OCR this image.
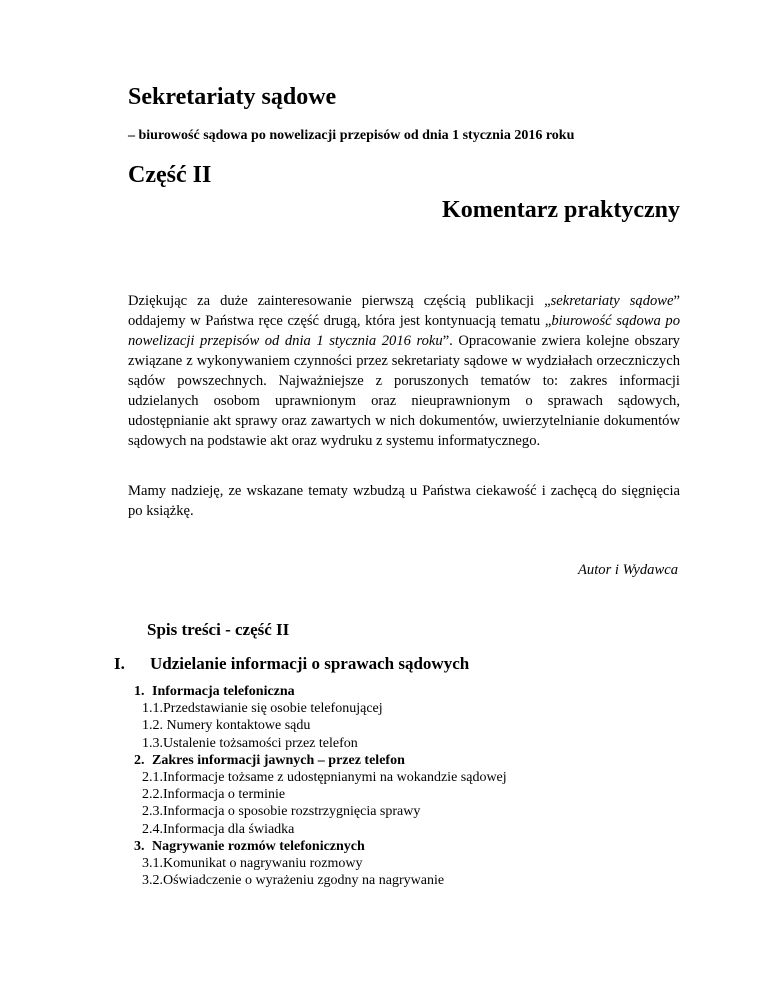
Sekretariaty sądowe
– biurowość sądowa po nowelizacji przepisów od dnia 1 stycznia 2016 roku
Część II
Komentarz praktyczny

Dziękując za duże zainteresowanie pierwszą częścią publikacji „sekretariaty sądowe” oddajemy w Państwa ręce część drugą, która jest kontynuacją tematu „biurowość sądowa po nowelizacji przepisów od dnia 1 stycznia 2016 roku”. Opracowanie zwiera kolejne obszary związane z wykonywaniem czynności przez sekretariaty sądowe w wydziałach orzeczniczych sądów powszechnych. Najważniejsze z poruszonych tematów to: zakres informacji udzielanych osobom uprawnionym oraz nieuprawnionym o sprawach sądowych, udostępnianie akt sprawy oraz zawartych w nich dokumentów, uwierzytelnianie dokumentów sądowych na podstawie akt oraz wydruku z systemu informatycznego.

Mamy nadzieję, ze wskazane tematy wzbudzą u Państwa ciekawość i zachęcą do sięgnięcia po książkę.
Autor i Wydawca
Spis treści - część II
I. Udzielanie informacji o sprawach sądowych
1. Informacja telefoniczna
1.1.Przedstawianie się osobie telefonującej
1.2. Numery kontaktowe sądu
1.3.Ustalenie tożsamości przez telefon
2. Zakres informacji jawnych – przez telefon
2.1.Informacje tożsame z udostępnianymi na wokandzie sądowej
2.2.Informacja o terminie
2.3.Informacja o sposobie rozstrzygnięcia sprawy
2.4.Informacja dla świadka
3. Nagrywanie rozmów telefonicznych
3.1.Komunikat o nagrywaniu rozmowy
3.2.Oświadczenie o wyrażeniu zgodny na nagrywanie
